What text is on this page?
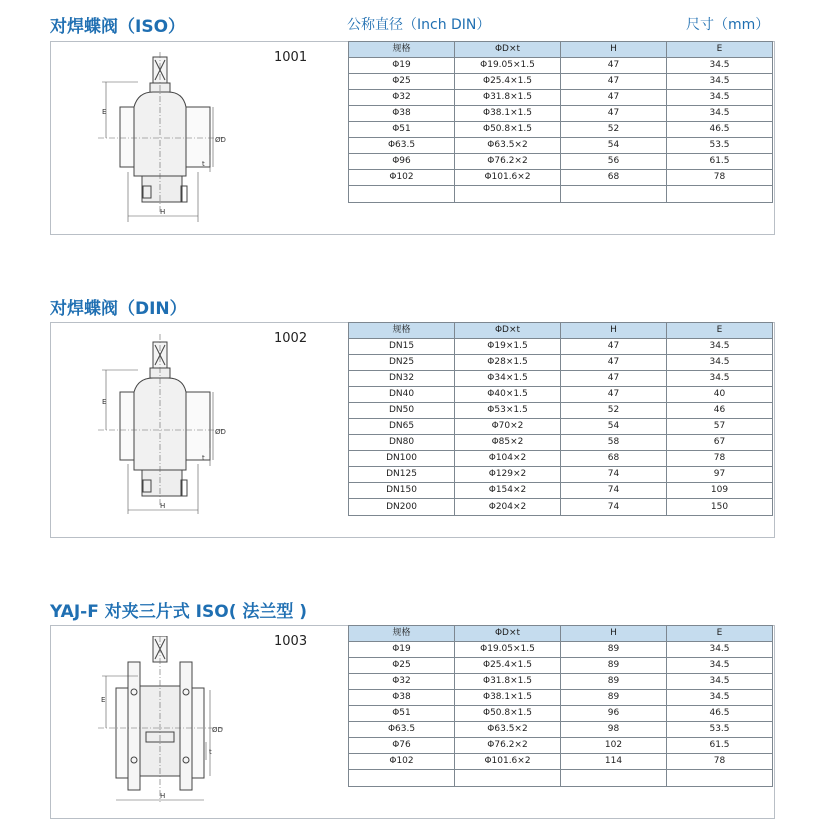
对焊蝶阀（ISO）	公称直径（Inch DIN）	尺寸（mm）
1001
E
ØD
t
H
规格	ΦD×t	H	E
Φ19	Φ19.05×1.5	47	34.5
Φ25	Φ25.4×1.5	47	34.5
Φ32	Φ31.8×1.5	47	34.5
Φ38	Φ38.1×1.5	47	34.5
Φ51	Φ50.8×1.5	52	46.5
Φ63.5	Φ63.5×2	54	53.5
Φ96	Φ76.2×2	56	61.5
Φ102	Φ101.6×2	68	78

对焊蝶阀（DIN）
1002
E
ØD
t
H
规格	ΦD×t	H	E
DN15	Φ19×1.5	47	34.5
DN25	Φ28×1.5	47	34.5
DN32	Φ34×1.5	47	34.5
DN40	Φ40×1.5	47	40
DN50	Φ53×1.5	52	46
DN65	Φ70×2	54	57
DN80	Φ85×2	58	67
DN100	Φ104×2	68	78
DN125	Φ129×2	74	97
DN150	Φ154×2	74	109
DN200	Φ204×2	74	150
YAJ-F 对夹三片式 ISO( 法兰型 )
1003
E
ØD
t
H
规格	ΦD×t	H	E
Φ19	Φ19.05×1.5	89	34.5
Φ25	Φ25.4×1.5	89	34.5
Φ32	Φ31.8×1.5	89	34.5
Φ38	Φ38.1×1.5	89	34.5
Φ51	Φ50.8×1.5	96	46.5
Φ63.5	Φ63.5×2	98	53.5
Φ76	Φ76.2×2	102	61.5
Φ102	Φ101.6×2	114	78
